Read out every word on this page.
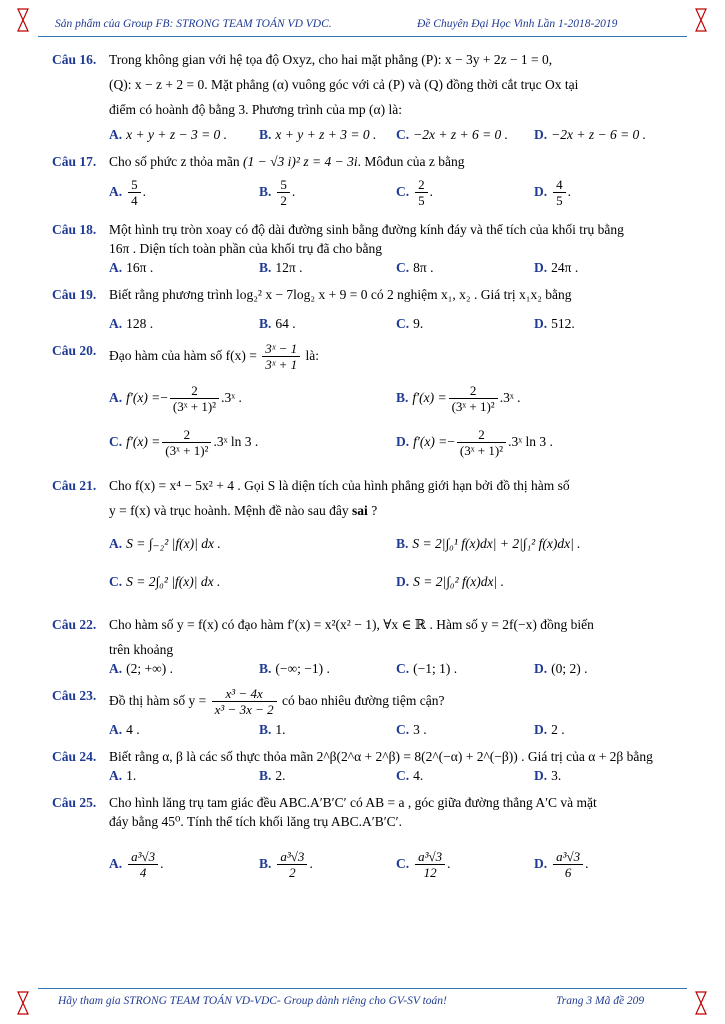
Sản phẩm của Group FB: STRONG TEAM TOÁN VD VDC.	Đề Chuyên Đại Học Vinh Lần 1-2018-2019
Câu 16. Trong không gian với hệ tọa độ Oxyz, cho hai mặt phẳng (P): x − 3y + 2z − 1 = 0,

(Q): x − z + 2 = 0. Mặt phẳng (α) vuông góc với cả (P) và (Q) đồng thời cắt trục Ox tại

điểm có hoành độ bằng 3. Phương trình của mp (α) là:

A. x + y + z − 3 = 0 . B. x + y + z + 3 = 0 . C. −2x + z + 6 = 0 . D. −2x + z − 6 = 0 .
Câu 17. Cho số phức z thỏa mãn (1 − √3 i)² z = 4 − 3i. Môđun của z bằng

A. $\frac{5}{4}$ .	B. $\frac{5}{2}$ .	C. $\frac{2}{5}$ .	D. $\frac{4}{5}$ .
Câu 18. Một hình trụ tròn xoay có độ dài đường sinh bằng đường kính đáy và thể tích của khối trụ bằng

16π . Diện tích toàn phần của khối trụ đã cho bằng

A. 16π .	B. 12π .	C. 8π .	D. 24π .
Câu 19. Biết rằng phương trình log₂² x − 7log₂ x + 9 = 0 có 2 nghiệm x₁, x₂ . Giá trị x₁x₂ bằng

A. 128 .	B. 64 .	C. 9.	D. 512.
Câu 20. Đạo hàm của hàm số $f(x) = \frac{\text{3ˣ − 1}}{\text{3ˣ + 1}}$ là:

A. $f'(x) =- \frac{2}{\text{(3ˣ + 1)²}}$ .3ˣ .	B. $f'(x) = \frac{2}{\text{(3ˣ + 1)²}}$ .3ˣ .
C. $f'(x) = \frac{2}{\text{(3ˣ + 1)²}}$ .3ˣ ln 3 .	D. $f'(x) =- \frac{2}{\text{(3ˣ + 1)²}}$ .3ˣ ln 3 .
Câu 21. Cho f(x) = x⁴ − 5x² + 4 . Gọi S là diện tích của hình phẳng giới hạn bởi đồ thị hàm số

y = f(x) và trục hoành. Mệnh đề nào sau đây sai ?

A. S = ∫₋₂² |f(x)| dx .	B. S = 2|∫₀¹ f(x)dx| + 2|∫₁² f(x)dx| .
C. S = 2∫₀² |f(x)| dx .	D. S = 2|∫₀² f(x)dx| .
Câu 22. Cho hàm số y = f(x) có đạo hàm f′(x) = x²(x² − 1), ∀x ∈ ℝ . Hàm số y = 2f(−x) đồng biến

trên khoảng

A. (2; +∞) .	B. (−∞; −1) .	C. (−1; 1) .	D. (0; 2) .
Câu 23. Đồ thị hàm số $y = \frac{\text{x³ − 4x}}{\text{x³ − 3x − 2}}$ có bao nhiêu đường tiệm cận?

A. 4 .	B. 1.	C. 3 .	D. 2 .
Câu 24. Biết rằng α, β là các số thực thỏa mãn 2^β(2^α + 2^β) = 8(2^(−α) + 2^(−β)) . Giá trị của α + 2β bằng

A. 1.	B. 2.	C. 4.	D. 3.
Câu 25. Cho hình lăng trụ tam giác đều ABC.A′B′C′ có AB = a , góc giữa đường thẳng A′C và mặt

đáy bằng 45⁰. Tính thể tích khối lăng trụ ABC.A′B′C′.

A. $\frac{\text{a³√3}}{4}$ .	B. $\frac{\text{a³√3}}{2}$ .	C. $\frac{\text{a³√3}}{12}$ .	D. $\frac{\text{a³√3}}{6}$ .
Hãy tham gia STRONG TEAM TOÁN VD-VDC- Group dành riêng cho GV-SV toán!	Trang 3 Mã đề 209
